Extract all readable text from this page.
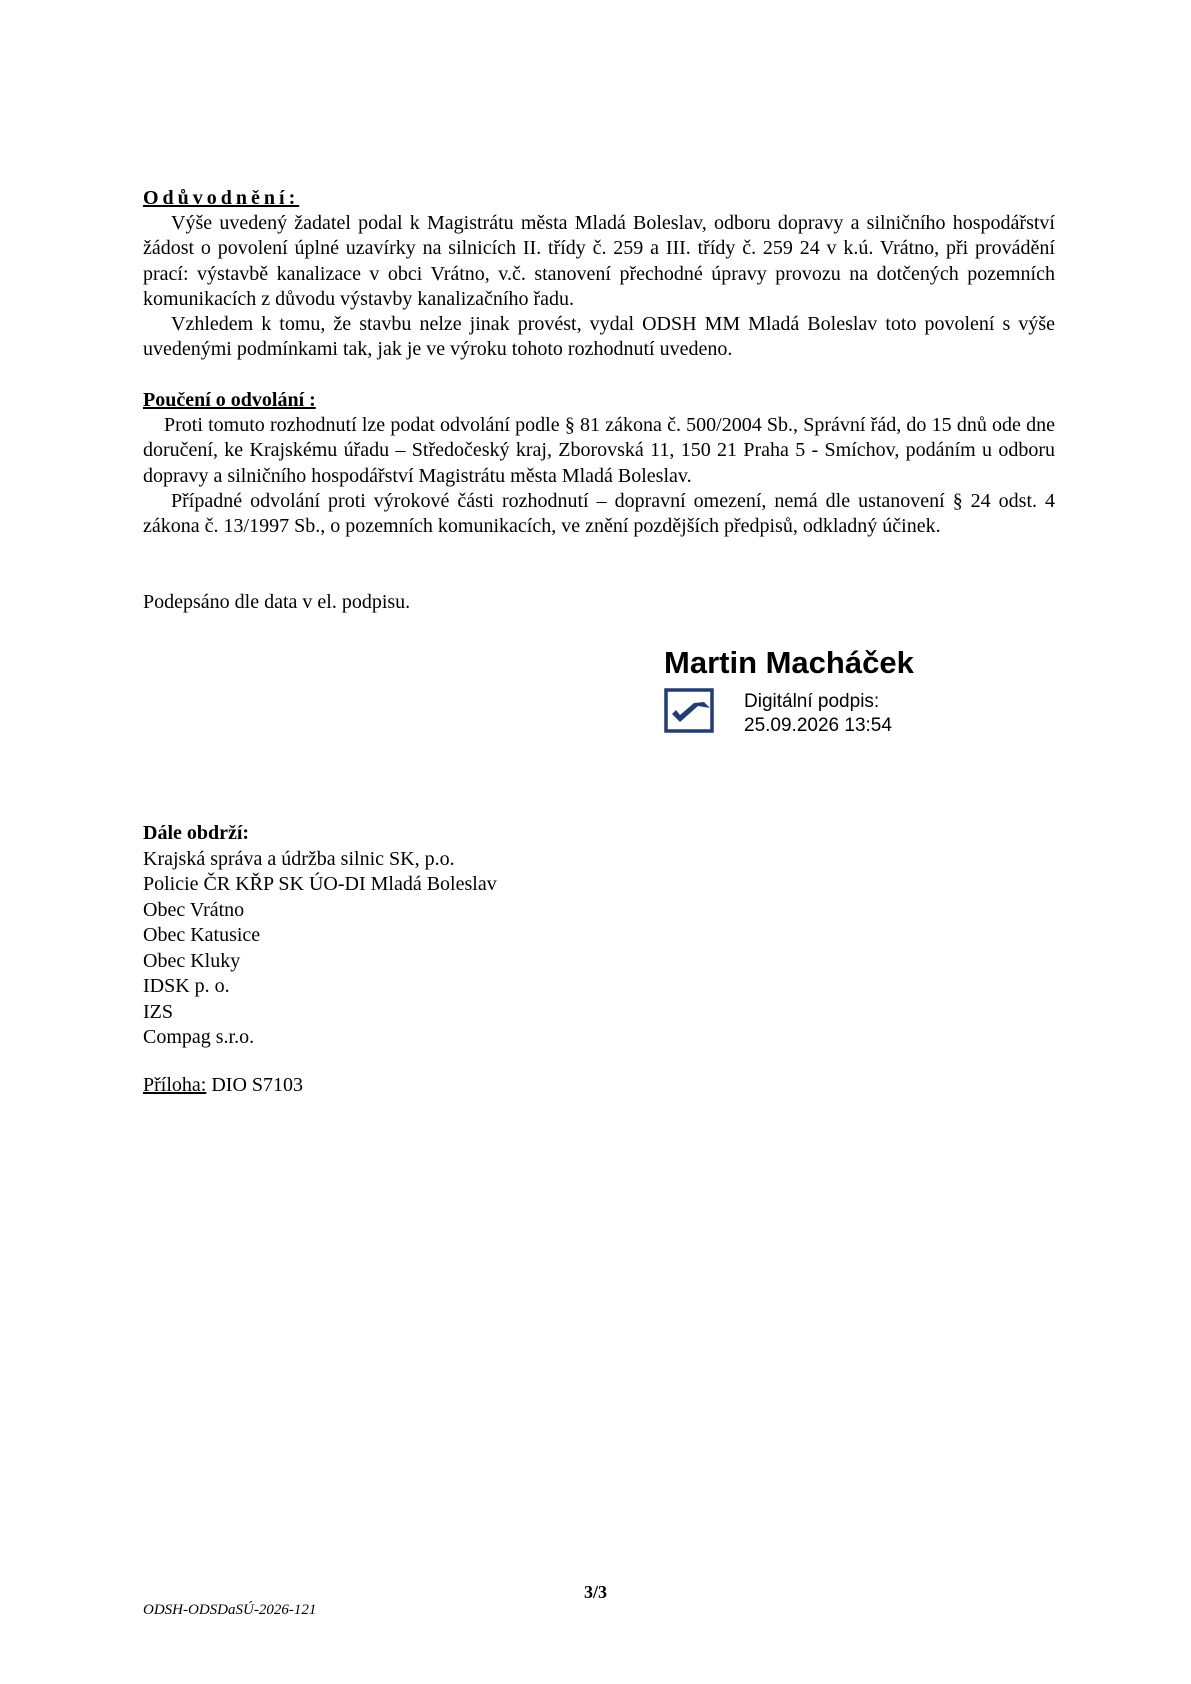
Odůvodnění:

Výše uvedený žadatel podal k Magistrátu města Mladá Boleslav, odboru dopravy a silničního hospodářství žádost o povolení úplné uzavírky na silnicích II. třídy č. 259 a III. třídy č. 259 24 v k.ú. Vrátno, při provádění prací: výstavbě kanalizace v obci Vrátno, v.č. stanovení přechodné úpravy provozu na dotčených pozemních komunikacích z důvodu výstavby kanalizačního řadu.

Vzhledem k tomu, že stavbu nelze jinak provést, vydal ODSH MM Mladá Boleslav toto povolení s výše uvedenými podmínkami tak, jak je ve výroku tohoto rozhodnutí uvedeno.

Poučení o odvolání :

Proti tomuto rozhodnutí lze podat odvolání podle § 81 zákona č. 500/2004 Sb., Správní řád, do 15 dnů ode dne doručení, ke Krajskému úřadu – Středočeský kraj, Zborovská 11, 150 21 Praha 5 - Smíchov, podáním u odboru dopravy a silničního hospodářství Magistrátu města Mladá Boleslav.

Případné odvolání proti výrokové části rozhodnutí – dopravní omezení, nemá dle ustanovení § 24 odst. 4 zákona č. 13/1997 Sb., o pozemních komunikacích, ve znění pozdějších předpisů, odkladný účinek.

Podepsáno dle data v el. podpisu.
Martin Macháček
Digitální podpis:
25.09.2026 13:54
Dále obdrží:
Krajská správa a údržba silnic SK, p.o.
Policie ČR KŘP SK ÚO-DI Mladá Boleslav
Obec Vrátno
Obec Katusice
Obec Kluky
IDSK p. o.
IZS
Compag s.r.o.
Příloha: DIO S7103
3/3
ODSH-ODSDaSÚ-2026-121
